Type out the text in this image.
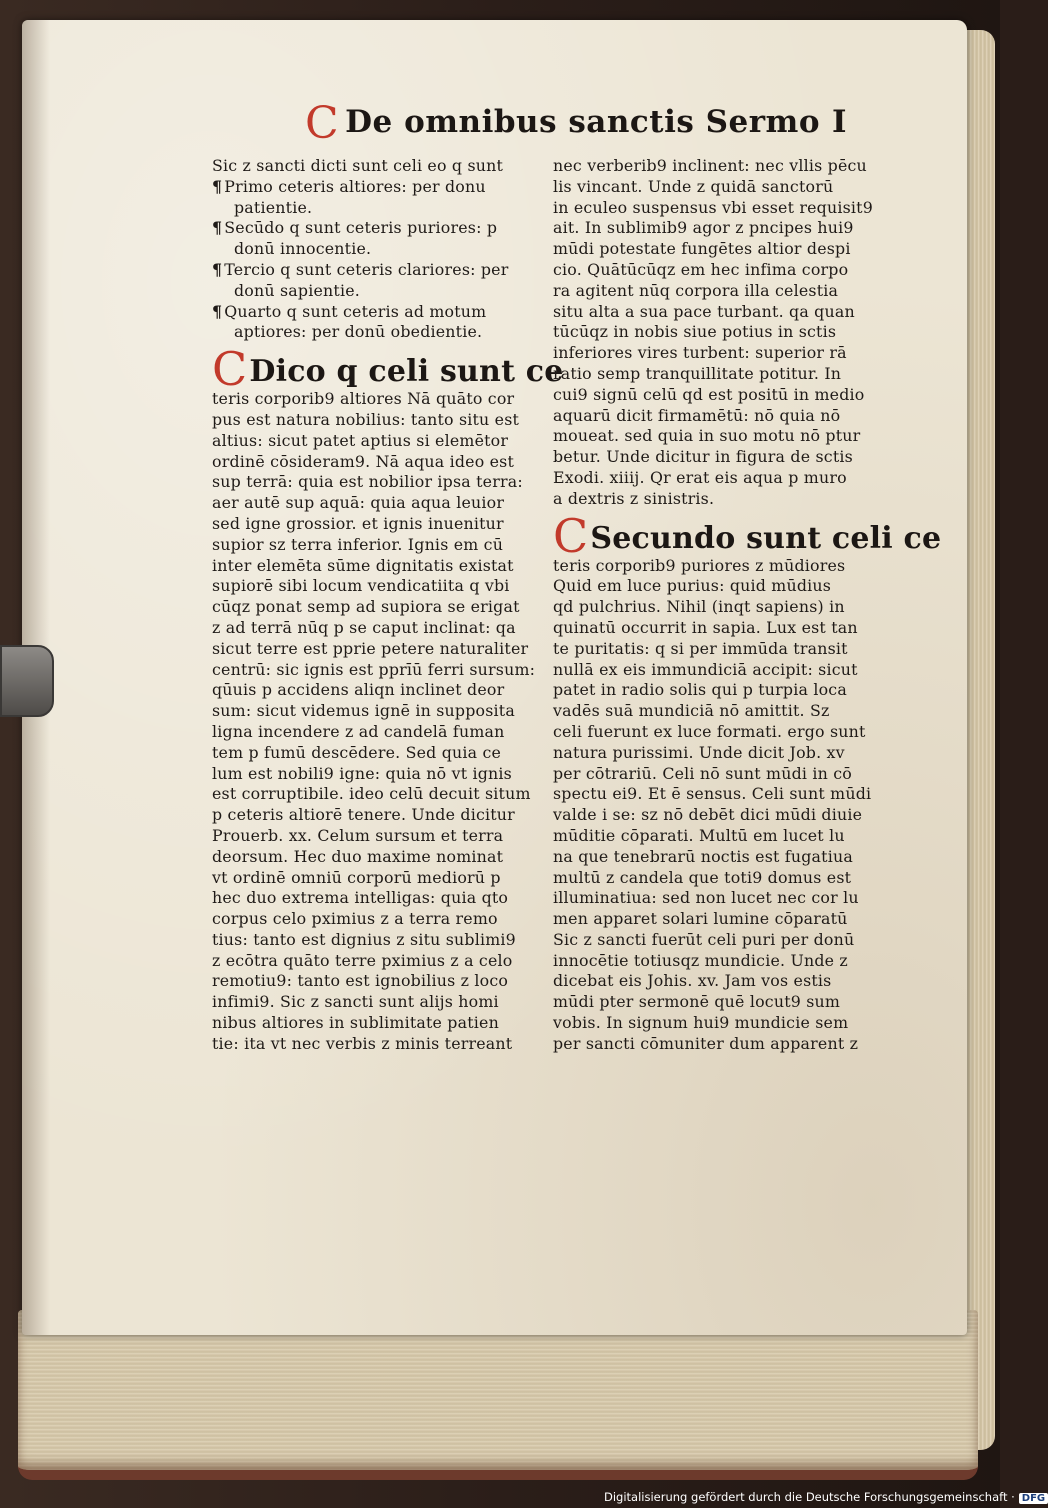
C De omnibus sanctis Sermo I
Sic z sancti dicti sunt celi eo q sunt
¶ Primo ceteris altiores: per donu
patientie.
¶ Secūdo q sunt ceteris puriores: p
donū innocentie.
¶ Tercio q sunt ceteris clariores: per
donū sapientie.
¶ Quarto q sunt ceteris ad motum
aptiores: per donū obedientie.
CDico q celi sunt ce
teris corporib9 altiores Nā quāto cor
pus est natura nobilius: tanto situ est
altius: sicut patet aptius si elemētor
ordinē cōsideram9. Nā aqua ideo est
sup terrā: quia est nobilior ipsa terra:
aer autē sup aquā: quia aqua leuior
sed igne grossior. et ignis inuenitur
supior sz terra inferior. Ignis em cū
inter elemēta sūme dignitatis existat
supiorē sibi locum vendicatiita q vbi
cūqz ponat semp ad supiora se erigat
z ad terrā nūq p se caput inclinat: qa
sicut terre est pprie petere naturaliter
centrū: sic ignis est pprīū ferri sursum:
qūuis p accidens aliqn inclinet deor
sum: sicut videmus ignē in supposita
ligna incendere z ad candelā fuman
tem p fumū descēdere. Sed quia ce
lum est nobili9 igne: quia nō vt ignis
est corruptibile. ideo celū decuit situm
p ceteris altiorē tenere. Unde dicitur
Prouerb. xx. Celum sursum et terra
deorsum. Hec duo maxime nominat
vt ordinē omniū corporū mediorū p
hec duo extrema intelligas: quia qto
corpus celo pximius z a terra remo
tius: tanto est dignius z situ sublimi9
z ecōtra quāto terre pximius z a celo
remotiu9: tanto est ignobilius z loco
infimi9. Sic z sancti sunt alijs homi
nibus altiores in sublimitate patien
tie: ita vt nec verbis z minis terreant
nec verberib9 inclinent: nec vllis pēcu
lis vincant. Unde z quidā sanctorū
in eculeo suspensus vbi esset requisit9
ait. In sublimib9 agor z pncipes hui9
mūdi potestate fungētes altior despi
cio. Quātūcūqz em hec infima corpo
ra agitent nūq corpora illa celestia
situ alta a sua pace turbant. qa quan
tūcūqz in nobis siue potius in sctis
inferiores vires turbent: superior rā
ratio semp tranquillitate potitur. In
cui9 signū celū qd est positū in medio
aquarū dicit firmamētū: nō quia nō
moueat. sed quia in suo motu nō ptur
betur. Unde dicitur in figura de sctis
Exodi. xiiij. Qr erat eis aqua p muro
a dextris z sinistris.
CSecundo sunt celi ce
teris corporib9 puriores z mūdiores
Quid em luce purius: quid mūdius
qd pulchrius. Nihil (inqt sapiens) in
quinatū occurrit in sapia. Lux est tan
te puritatis: q si per immūda transit
nullā ex eis immundiciā accipit: sicut
patet in radio solis qui p turpia loca
vadēs suā mundiciā nō amittit. Sz
celi fuerunt ex luce formati. ergo sunt
natura purissimi. Unde dicit Job. xv
per cōtrariū. Celi nō sunt mūdi in cō
spectu ei9. Et ē sensus. Celi sunt mūdi
valde i se: sz nō debēt dici mūdi diuie
mūditie cōparati. Multū em lucet lu
na que tenebrarū noctis est fugatiua
multū z candela que toti9 domus est
illuminatiua: sed non lucet nec cor lu
men apparet solari lumine cōparatū
Sic z sancti fuerūt celi puri per donū
innocētie totiusqz mundicie. Unde z
dicebat eis Johis. xv. Jam vos estis
mūdi pter sermonē quē locut9 sum
vobis. In signum hui9 mundicie sem
per sancti cōmuniter dum apparent z
Digitalisierung gefördert durch die Deutsche Forschungsgemeinschaft · DFG
